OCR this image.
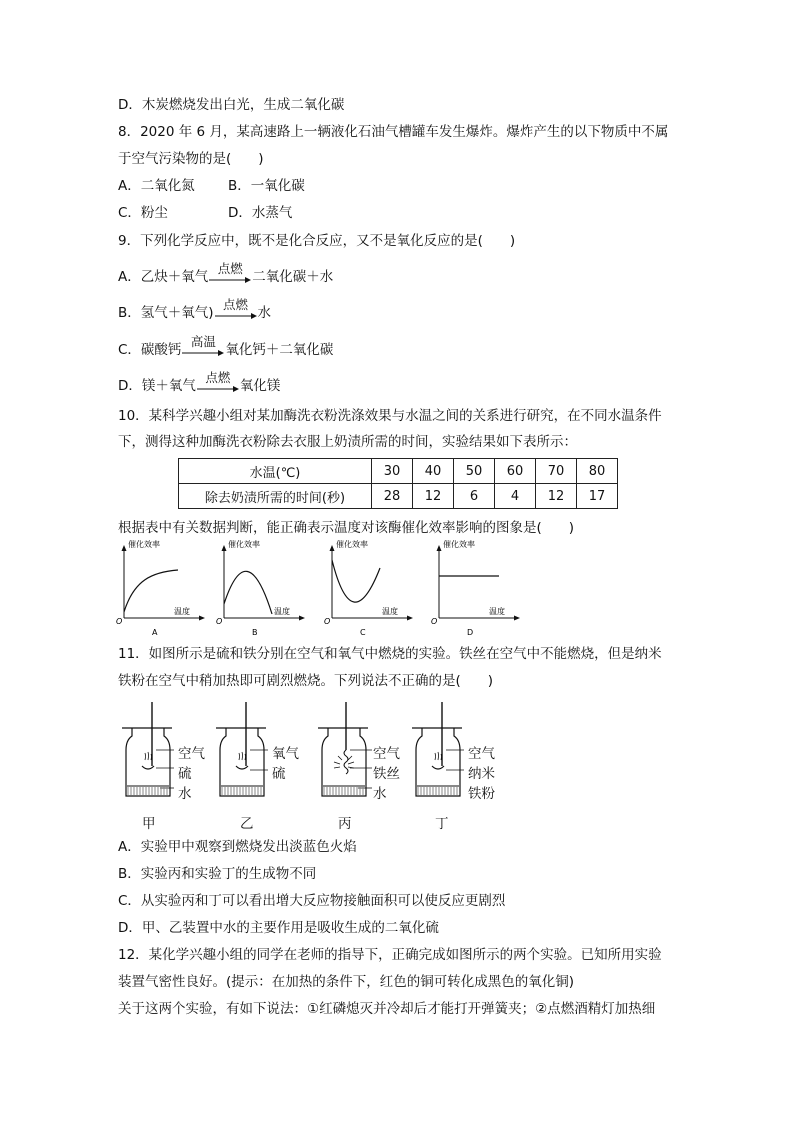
D．木炭燃烧发出白光，生成二氧化碳
8．2020 年 6 月，某高速路上一辆液化石油气槽罐车发生爆炸。爆炸产生的以下物质中不属
于空气污染物的是(　　)
A．二氧化氮 B．一氧化碳
C．粉尘	D．水蒸气
9．下列化学反应中，既不是化合反应，又不是氧化反应的是(　　)
A．乙炔＋氧气
点燃
二氧化碳＋水
B．氢气＋氧气)
点燃
水
C．碳酸钙
高温
氧化钙＋二氧化碳
D．镁＋氧气
点燃
氧化镁
10．某科学兴趣小组对某加酶洗衣粉洗涤效果与水温之间的关系进行研究，在不同水温条件
下，测得这种加酶洗衣粉除去衣服上奶渍所需的时间，实验结果如下表所示：
水温(℃)	30	40	50	60	70	80
除去奶渍所需的时间(秒)	28	12	6	4	12	17
根据表中有关数据判断，能正确表示温度对该酶催化效率影响的图象是(　　)
催化效率
温度
O
A
催化效率
温度
O
B
催化效率
温度
O
C
催化效率
温度
O
D
11．如图所示是硫和铁分别在空气和氧气中燃烧的实验。铁丝在空气中不能燃烧，但是纳米
铁粉在空气中稍加热即可剧烈燃烧。下列说法不正确的是(　　)
空气
硫
水
氧气
硫
空气
铁丝
水
空气
纳米
铁粉
甲	乙	丙	丁
A．实验甲中观察到燃烧发出淡蓝色火焰
B．实验丙和实验丁的生成物不同
C．从实验丙和丁可以看出增大反应物接触面积可以使反应更剧烈
D．甲、乙装置中水的主要作用是吸收生成的二氧化硫
12．某化学兴趣小组的同学在老师的指导下，正确完成如图所示的两个实验。已知所用实验
装置气密性良好。(提示：在加热的条件下，红色的铜可转化成黑色的氧化铜)
关于这两个实验，有如下说法：①红磷熄灭并冷却后才能打开弹簧夹；②点燃酒精灯加热细
